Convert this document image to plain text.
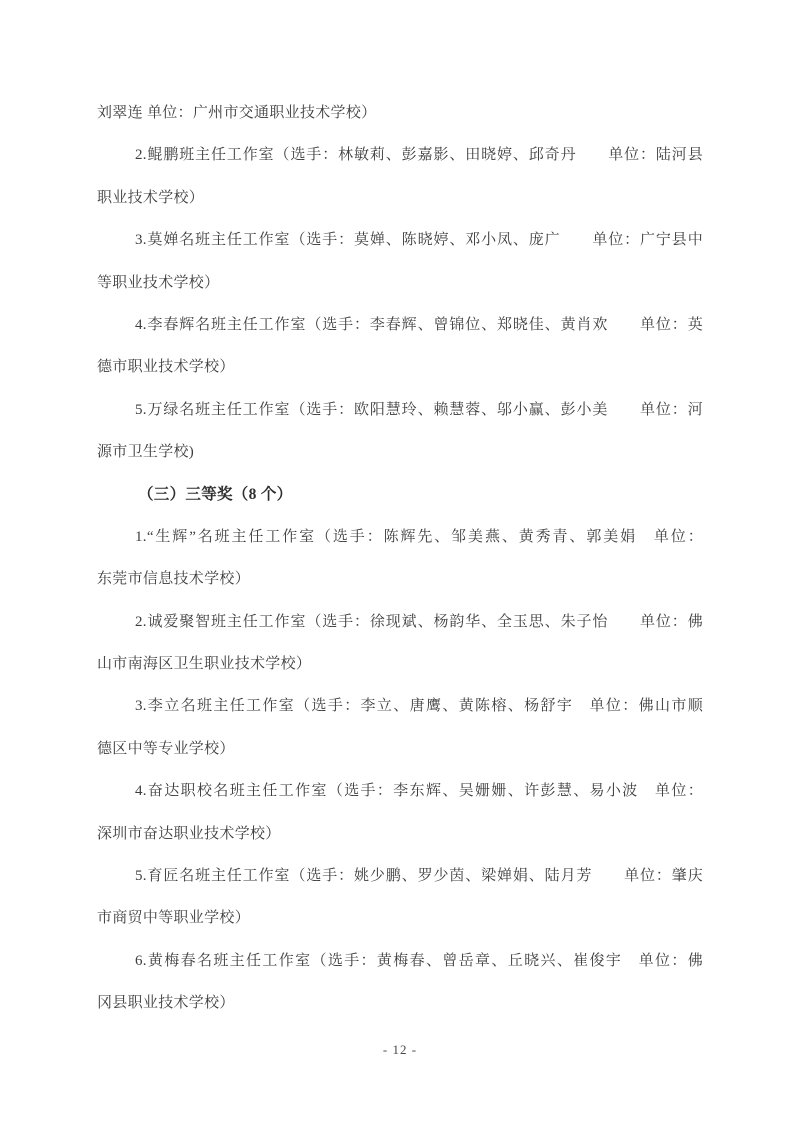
刘翠连 单位：广州市交通职业技术学校）
2.鲲鹏班主任工作室（选手：林敏莉、彭嘉影、田晓婷、邱奇丹　　单位：陆河县
职业技术学校）
3.莫婵名班主任工作室（选手：莫婵、陈晓婷、邓小凤、庞广　　单位：广宁县中
等职业技术学校）
4.李春辉名班主任工作室（选手：李春辉、曾锦位、郑晓佳、黄肖欢　　单位：英
德市职业技术学校）
5.万绿名班主任工作室（选手：欧阳慧玲、赖慧蓉、邬小赢、彭小美　　单位：河
源市卫生学校)
（三）三等奖（8 个）
1.“生辉”名班主任工作室（选手：陈辉先、邹美燕、黄秀青、郭美娟　单位：
东莞市信息技术学校）
2.诚爱聚智班主任工作室（选手：徐现斌、杨韵华、全玉思、朱子怡　　单位：佛
山市南海区卫生职业技术学校）
3.李立名班主任工作室（选手：李立、唐鹰、黄陈榕、杨舒宇　单位：佛山市顺
德区中等专业学校）
4.奋达职校名班主任工作室（选手：李东辉、吴姗姗、许彭慧、易小波　单位：
深圳市奋达职业技术学校）
5.育匠名班主任工作室（选手：姚少鹏、罗少茵、梁婵娟、陆月芳　　单位：肇庆
市商贸中等职业学校）
6.黄梅春名班主任工作室（选手：黄梅春、曾岳章、丘晓兴、崔俊宇　单位：佛
冈县职业技术学校）
- 12 -
